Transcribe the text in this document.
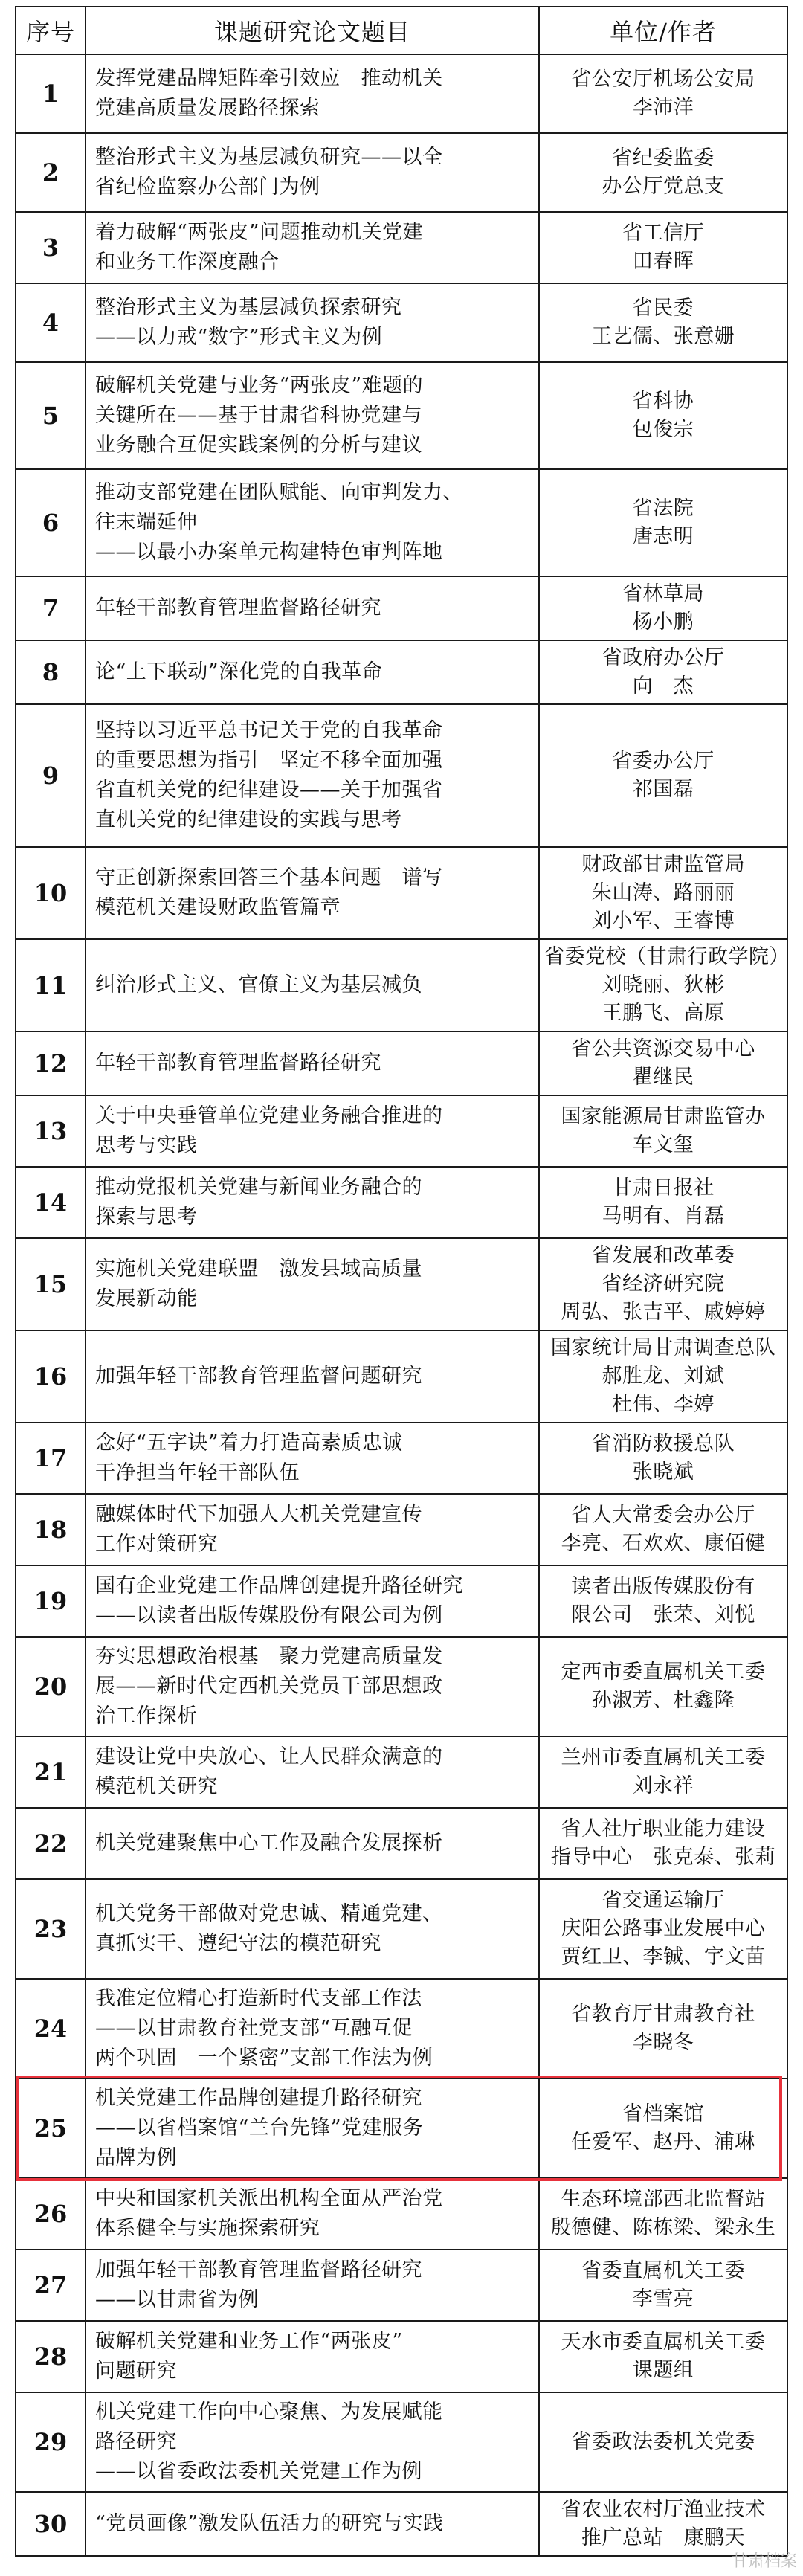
序号	课题研究论文题目	单位/作者
1	发挥党建品牌矩阵牵引效应　推动机关
党建高质量发展路径探索	省公安厅机场公安局
李沛洋

2	整治形式主义为基层减负研究——以全
省纪检监察办公部门为例	省纪委监委
办公厅党总支

3	着力破解“两张皮”问题推动机关党建
和业务工作深度融合	省工信厅
田春晖

4	整治形式主义为基层减负探索研究
——以力戒“数字”形式主义为例	省民委
王艺儒、张意姗

5	破解机关党建与业务“两张皮”难题的
关键所在——基于甘肃省科协党建与
业务融合互促实践案例的分析与建议	省科协
包俊宗

6	推动支部党建在团队赋能、向审判发力、
往末端延伸
——以最小办案单元构建特色审判阵地	省法院
唐志明

7	年轻干部教育管理监督路径研究	省林草局
杨小鹏

8	论“上下联动”深化党的自我革命	省政府办公厅
向　杰

9	坚持以习近平总书记关于党的自我革命
的重要思想为指引　坚定不移全面加强
省直机关党的纪律建设——关于加强省
直机关党的纪律建设的实践与思考	省委办公厅
祁国磊

10	守正创新探索回答三个基本问题　谱写
模范机关建设财政监管篇章	财政部甘肃监管局
朱山涛、路丽丽
刘小军、王睿博

11	纠治形式主义、官僚主义为基层减负	省委党校（甘肃行政学院）
刘晓丽、狄彬
王鹏飞、高原

12	年轻干部教育管理监督路径研究	省公共资源交易中心
瞿继民

13	关于中央垂管单位党建业务融合推进的
思考与实践	国家能源局甘肃监管办
车文玺

14	推动党报机关党建与新闻业务融合的
探索与思考	甘肃日报社
马明有、肖磊

15	实施机关党建联盟　激发县域高质量
发展新动能	省发展和改革委
省经济研究院
周弘、张吉平、戚婷婷

16	加强年轻干部教育管理监督问题研究	国家统计局甘肃调查总队
郝胜龙、刘斌
杜伟、李婷

17	念好“五字诀”着力打造高素质忠诚
干净担当年轻干部队伍	省消防救援总队
张晓斌

18	融媒体时代下加强人大机关党建宣传
工作对策研究	省人大常委会办公厅
李亮、石欢欢、康佰健

19	国有企业党建工作品牌创建提升路径研究
——以读者出版传媒股份有限公司为例	读者出版传媒股份有
限公司　张荣、刘悦

20	夯实思想政治根基　聚力党建高质量发
展——新时代定西机关党员干部思想政
治工作探析	定西市委直属机关工委
孙淑芳、杜鑫隆

21	建设让党中央放心、让人民群众满意的
模范机关研究	兰州市委直属机关工委
刘永祥

22	机关党建聚焦中心工作及融合发展探析	省人社厅职业能力建设
指导中心　张克泰、张莉

23	机关党务干部做对党忠诚、精通党建、
真抓实干、遵纪守法的模范研究	省交通运输厅
庆阳公路事业发展中心
贾红卫、李铖、宇文苗

24	我准定位精心打造新时代支部工作法
——以甘肃教育社党支部“互融互促
两个巩固　一个紧密”支部工作法为例	省教育厅甘肃教育社
李晓冬

25	机关党建工作品牌创建提升路径研究
——以省档案馆“兰台先锋”党建服务
品牌为例	省档案馆
任爱军、赵丹、浦琳

26	中央和国家机关派出机构全面从严治党
体系健全与实施探索研究	生态环境部西北监督站
殷德健、陈栋梁、梁永生

27	加强年轻干部教育管理监督路径研究
——以甘肃省为例	省委直属机关工委
李雪亮

28	破解机关党建和业务工作“两张皮”
问题研究	天水市委直属机关工委
课题组

29	机关党建工作向中心聚焦、为发展赋能
路径研究
——以省委政法委机关党建工作为例	省委政法委机关党委

30	“党员画像”激发队伍活力的研究与实践	省农业农村厅渔业技术
推广总站　康鹏天
甘肃档案
